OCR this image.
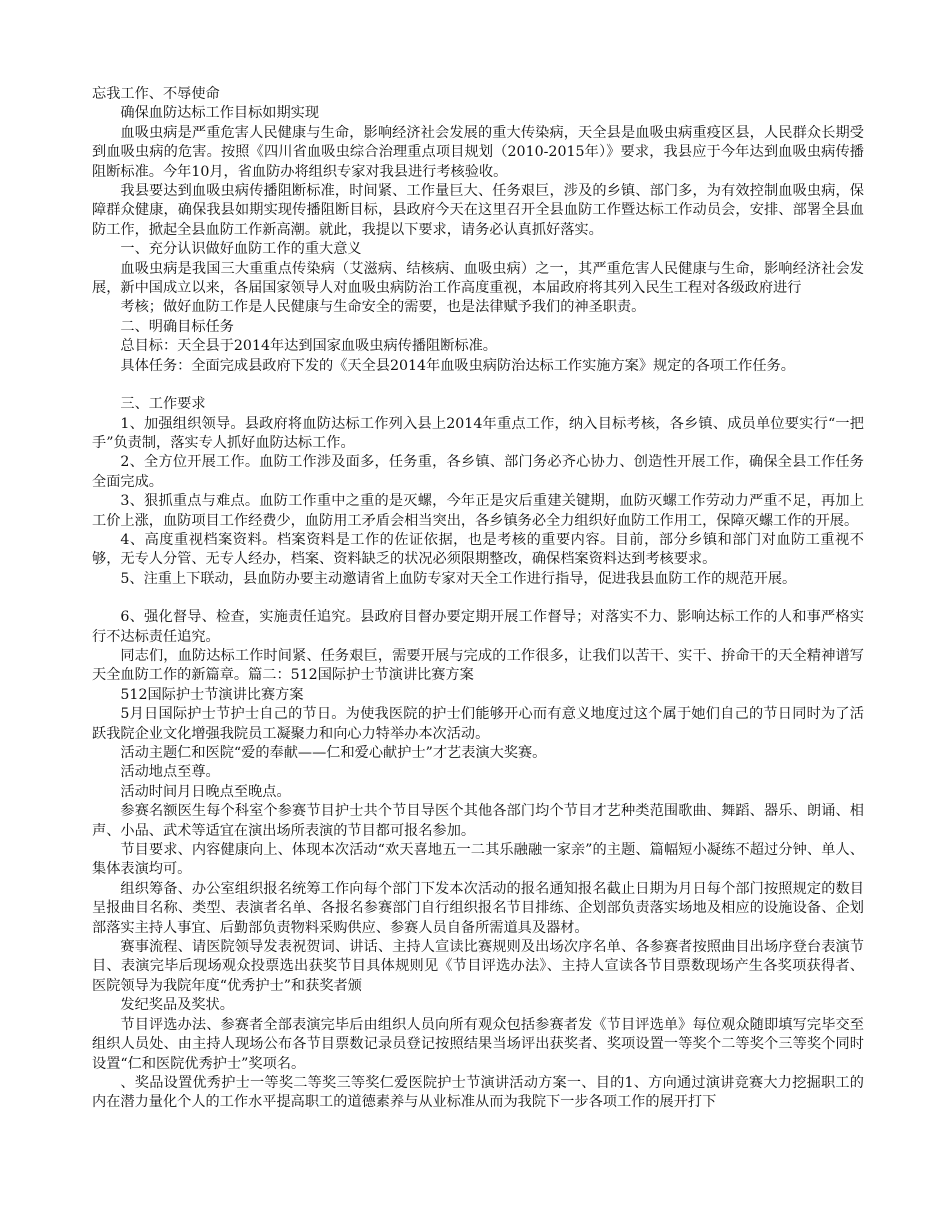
忘我工作、不辱使命

确保血防达标工作目标如期实现

血吸虫病是严重危害人民健康与生命，影响经济社会发展的重大传染病，天全县是血吸虫病重疫区县，人民群众长期受到血吸虫病的危害。按照《四川省血吸虫综合治理重点项目规划（2010-2015年）》要求，我县应于今年达到血吸虫病传播阻断标准。今年10月，省血防办将组织专家对我县进行考核验收。

我县要达到血吸虫病传播阻断标准，时间紧、工作量巨大、任务艰巨，涉及的乡镇、部门多，为有效控制血吸虫病，保障群众健康，确保我县如期实现传播阻断目标，县政府今天在这里召开全县血防工作暨达标工作动员会，安排、部署全县血防工作，掀起全县血防工作新高潮。就此，我提以下要求，请务必认真抓好落实。

一、充分认识做好血防工作的重大意义

血吸虫病是我国三大重重点传染病（艾滋病、结核病、血吸虫病）之一，其严重危害人民健康与生命，影响经济社会发展，新中国成立以来，各届国家领导人对血吸虫病防治工作高度重视，本届政府将其列入民生工程对各级政府进行

考核；做好血防工作是人民健康与生命安全的需要，也是法律赋予我们的神圣职责。

二、明确目标任务

总目标：天全县于2014年达到国家血吸虫病传播阻断标准。

具体任务：全面完成县政府下发的《天全县2014年血吸虫病防治达标工作实施方案》规定的各项工作任务。

三、工作要求

1、加强组织领导。县政府将血防达标工作列入县上2014年重点工作，纳入目标考核，各乡镇、成员单位要实行“一把手”负责制，落实专人抓好血防达标工作。

2、全方位开展工作。血防工作涉及面多，任务重，各乡镇、部门务必齐心协力、创造性开展工作，确保全县工作任务全面完成。

3、狠抓重点与难点。血防工作重中之重的是灭螺，今年正是灾后重建关键期，血防灭螺工作劳动力严重不足，再加上工价上涨，血防项目工作经费少，血防用工矛盾会相当突出，各乡镇务必全力组织好血防工作用工，保障灭螺工作的开展。

4、高度重视档案资料。档案资料是工作的佐证依据，也是考核的重要内容。目前，部分乡镇和部门对血防工重视不够，无专人分管、无专人经办，档案、资料缺乏的状况必须限期整改，确保档案资料达到考核要求。

5、注重上下联动，县血防办要主动邀请省上血防专家对天全工作进行指导，促进我县血防工作的规范开展。

6、强化督导、检查，实施责任追究。县政府目督办要定期开展工作督导；对落实不力、影响达标工作的人和事严格实行不达标责任追究。

同志们，血防达标工作时间紧、任务艰巨，需要开展与完成的工作很多，让我们以苦干、实干、拚命干的天全精神谱写天全血防工作的新篇章。篇二：512国际护士节演讲比赛方案

512国际护士节演讲比赛方案

5月日国际护士节护士自己的节日。为使我医院的护士们能够开心而有意义地度过这个属于她们自己的节日同时为了活跃我院企业文化增强我院员工凝聚力和向心力特举办本次活动。

活动主题仁和医院“爱的奉献——仁和爱心献护士”才艺表演大奖赛。

活动地点至尊。

活动时间月日晚点至晚点。

参赛名额医生每个科室个参赛节目护士共个节目导医个其他各部门均个节目才艺种类范围歌曲、舞蹈、器乐、朗诵、相声、小品、武术等适宜在演出场所表演的节目都可报名参加。

节目要求、内容健康向上、体现本次活动“欢天喜地五一二其乐融融一家亲”的主题、篇幅短小凝练不超过分钟、单人、集体表演均可。

组织筹备、办公室组织报名统筹工作向每个部门下发本次活动的报名通知报名截止日期为月日每个部门按照规定的数目呈报曲目名称、类型、表演者名单、各报名参赛部门自行组织报名节目排练、企划部负责落实场地及相应的设施设备、企划部落实主持人事宜、后勤部负责物料采购供应、参赛人员自备所需道具及器材。

赛事流程、请医院领导发表祝贺词、讲话、主持人宣读比赛规则及出场次序名单、各参赛者按照曲目出场序登台表演节目、表演完毕后现场观众投票选出获奖节目具体规则见《节目评选办法》、主持人宣读各节目票数现场产生各奖项获得者、医院领导为我院年度“优秀护士”和获奖者颁

发纪奖品及奖状。

节目评选办法、参赛者全部表演完毕后由组织人员向所有观众包括参赛者发《节目评选单》每位观众随即填写完毕交至组织人员处、由主持人现场公布各节目票数记录员登记按照结果当场评出获奖者、奖项设置一等奖个二等奖个三等奖个同时设置“仁和医院优秀护士”奖项名。

、奖品设置优秀护士一等奖二等奖三等奖仁爱医院护士节演讲活动方案一、目的1、方向通过演讲竞赛大力挖掘职工的内在潜力量化个人的工作水平提高职工的道德素养与从业标准从而为我院下一步各项工作的展开打下
